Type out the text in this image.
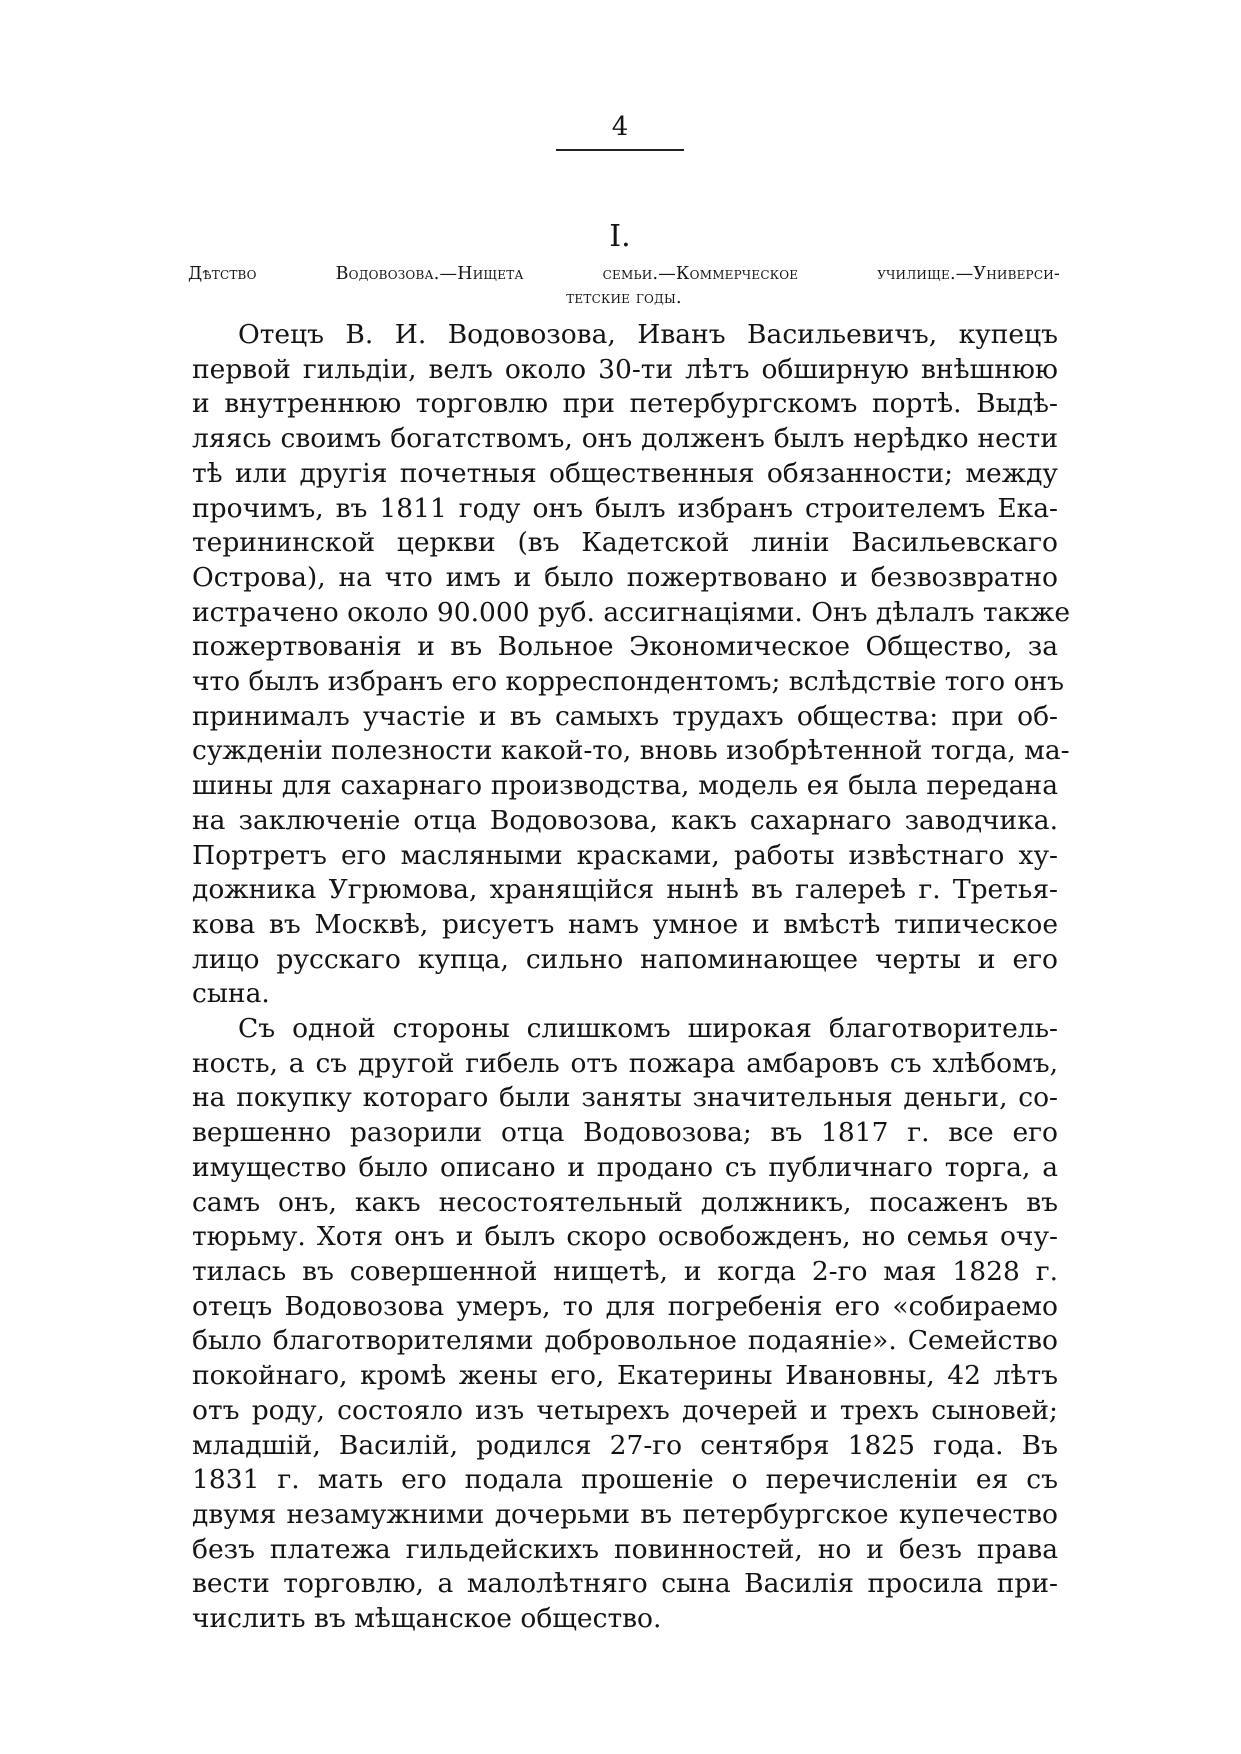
4
I.
Дѣтство Водовозова.—Нищета семьи.—Коммерческое училище.—Универси-
тетские годы.
Отецъ В. И. Водовозова, Иванъ Васильевичъ, купецъ
первой гильдіи, велъ около 30-ти лѣтъ обширную внѣшнюю
и внутреннюю торговлю при петербургскомъ портѣ. Выдѣ-
ляясь своимъ богатствомъ, онъ долженъ былъ нерѣдко нести
тѣ или другія почетныя общественныя обязанности; между
прочимъ, въ 1811 году онъ былъ избранъ строителемъ Ека-
терининской церкви (въ Кадетской линіи Васильевскаго
Острова), на что имъ и было пожертвовано и безвозвратно
истрачено около 90.000 руб. ассигнаціями. Онъ дѣлалъ также
пожертвованія и въ Вольное Экономическое Общество, за
что былъ избранъ его корреспондентомъ; вслѣдствіе того онъ
принималъ участіе и въ самыхъ трудахъ общества: при об-
сужденіи полезности какой-то, вновь изобрѣтенной тогда, ма-
шины для сахарнаго производства, модель ея была передана
на заключеніе отца Водовозова, какъ сахарнаго заводчика.
Портретъ его масляными красками, работы извѣстнаго ху-
дожника Угрюмова, хранящійся нынѣ въ галереѣ г. Третья-
кова въ Москвѣ, рисуетъ намъ умное и вмѣстѣ типическое
лицо русскаго купца, сильно напоминающее черты и его
сына.
Съ одной стороны слишкомъ широкая благотворитель-
ность, а съ другой гибель отъ пожара амбаровъ съ хлѣбомъ,
на покупку котораго были заняты значительныя деньги, со-
вершенно разорили отца Водовозова; въ 1817 г. все его
имущество было описано и продано съ публичнаго торга, а
самъ онъ, какъ несостоятельный должникъ, посаженъ въ
тюрьму. Хотя онъ и былъ скоро освобожденъ, но семья очу-
тилась въ совершенной нищетѣ, и когда 2-го мая 1828 г.
отецъ Водовозова умеръ, то для погребенія его «собираемо
было благотворителями добровольное подаяніе». Семейство
покойнаго, кромѣ жены его, Екатерины Ивановны, 42 лѣтъ
отъ роду, состояло изъ четырехъ дочерей и трехъ сыновей;
младшій, Василій, родился 27-го сентября 1825 года. Въ
1831 г. мать его подала прошеніе о перечисленіи ея съ
двумя незамужними дочерьми въ петербургское купечество
безъ платежа гильдейскихъ повинностей, но и безъ права
вести торговлю, а малолѣтняго сына Василія просила при-
числить въ мѣщанское общество.
